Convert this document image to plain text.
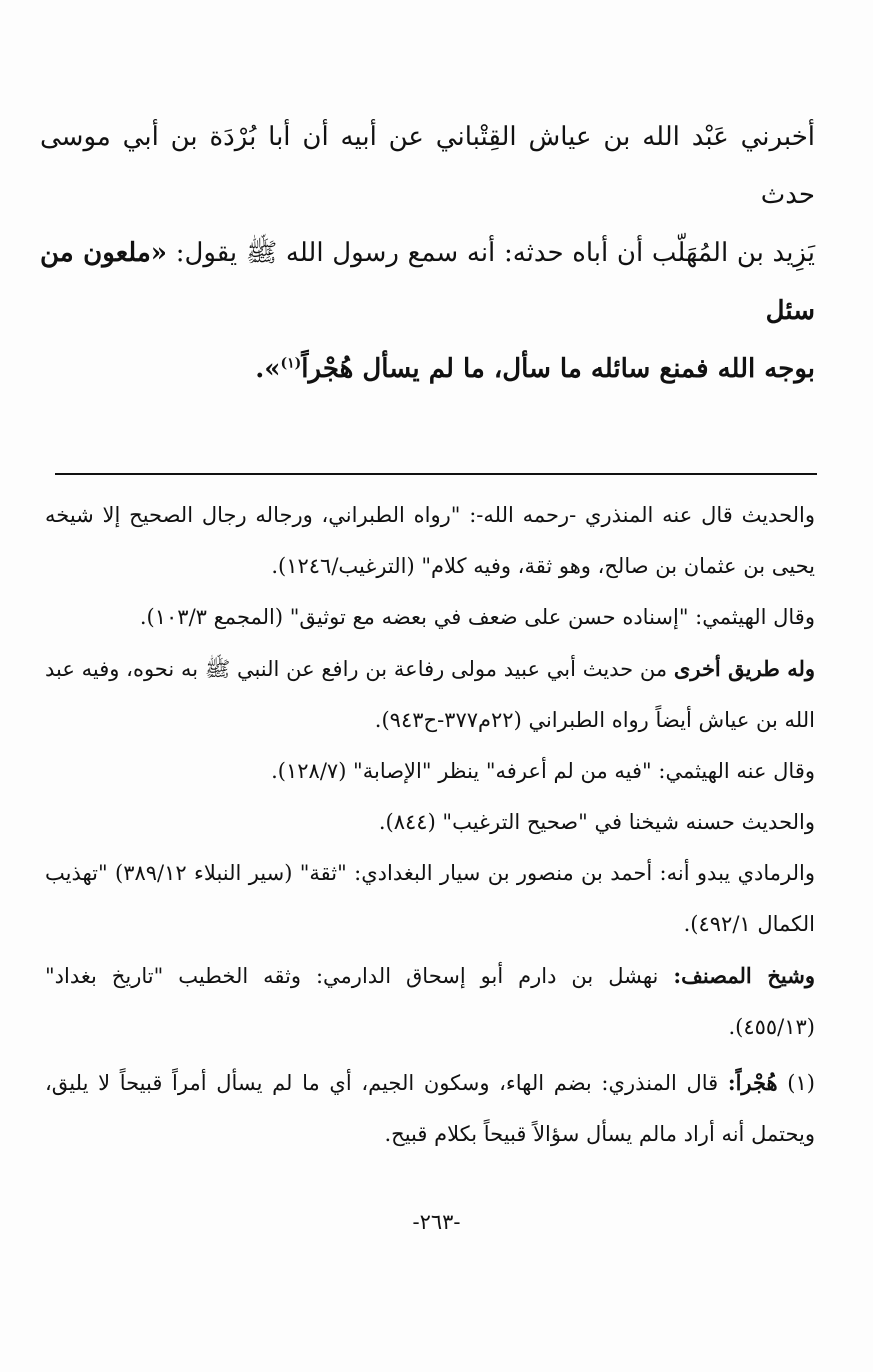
أخبرني عَبْد الله بن عياش القِتْباني عن أبيه أن أبا بُرْدَة بن أبي موسى حدث

يَزِيد بن المُهَلّب أن أباه حدثه: أنه سمع رسول الله ﷺ يقول: «ملعون من سئل

بوجه الله فمنع سائله ما سأل، ما لم يسأل هُجْراً$^{(١)}$».

والحديث قال عنه المنذري -رحمه الله-: "رواه الطبراني، ورجاله رجال الصحيح إلا شيخه يحيى بن عثمان بن صالح، وهو ثقة، وفيه كلام" (الترغيب/١٢٤٦).

وقال الهيثمي: "إسناده حسن على ضعف في بعضه مع توثيق" (المجمع ١٠٣/٣).

وله طريق أخرى من حديث أبي عبيد مولى رفاعة بن رافع عن النبي ﷺ به نحوه، وفيه عبد الله بن عياش أيضاً رواه الطبراني (٢٢م٣٧٧-ح٩٤٣).

وقال عنه الهيثمي: "فيه من لم أعرفه" ينظر "الإصابة" (١٢٨/٧).

والحديث حسنه شيخنا في "صحيح الترغيب" (٨٤٤).

والرمادي يبدو أنه: أحمد بن منصور بن سيار البغدادي: "ثقة" (سير النبلاء ٣٨٩/١٢) "تهذيب الكمال ٤٩٢/١).

وشيخ المصنف: نهشل بن دارم أبو إسحاق الدارمي: وثقه الخطيب "تاريخ بغداد" (٤٥٥/١٣).

(١) هُجْراً: قال المنذري: بضم الهاء، وسكون الجيم، أي ما لم يسأل أمراً قبيحاً لا يليق، ويحتمل أنه أراد مالم يسأل سؤالاً قبيحاً بكلام قبيح.

-٢٦٣-
